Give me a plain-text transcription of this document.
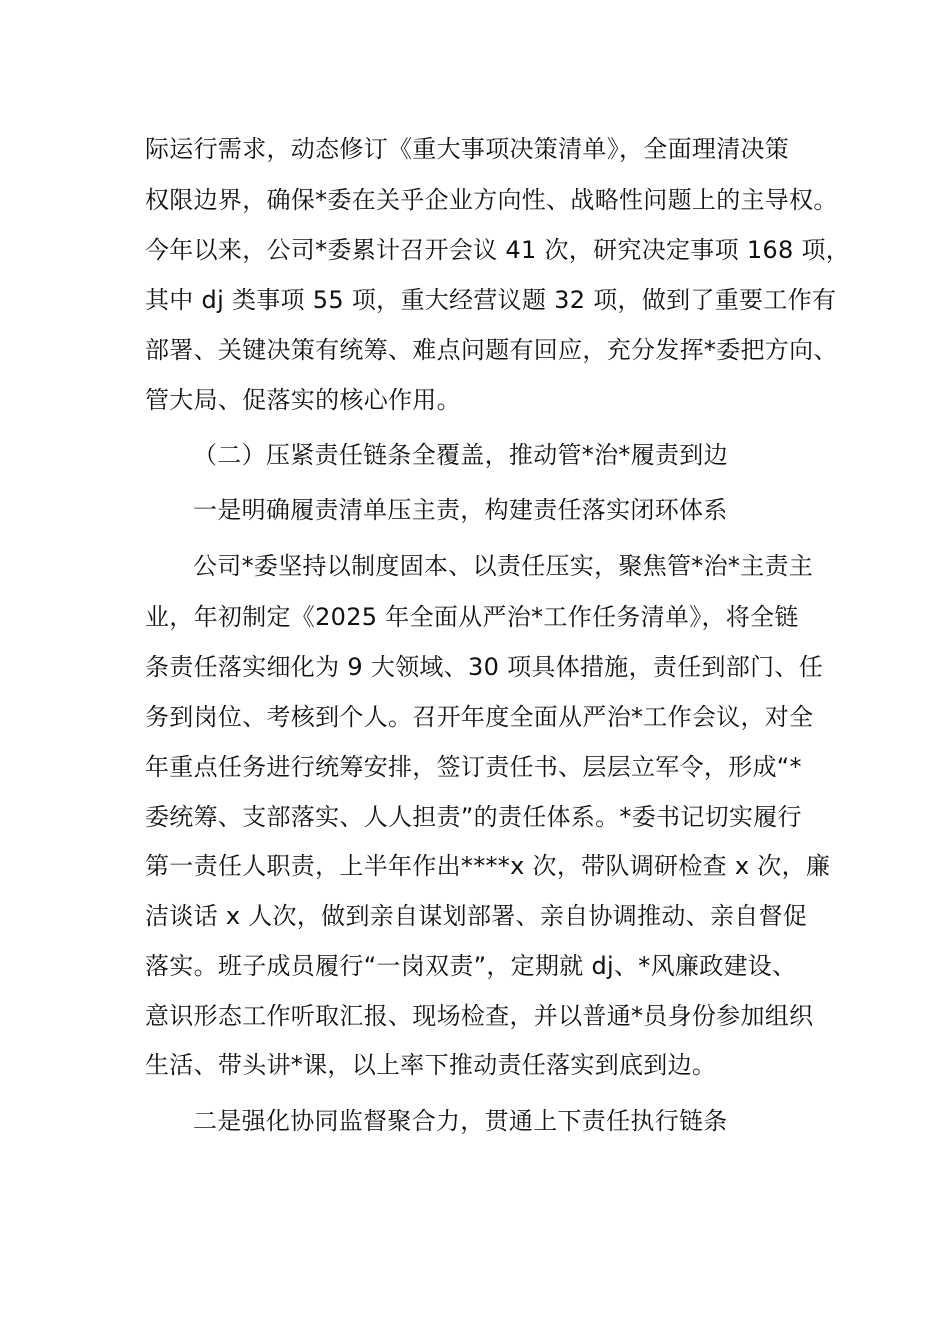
际运行需求，动态修订《重大事项决策清单》，全面理清决策
权限边界，确保*委在关乎企业方向性、战略性问题上的主导权。
今年以来，公司*委累计召开会议 41 次，研究决定事项 168 项，
其中 dj 类事项 55 项，重大经营议题 32 项，做到了重要工作有
部署、关键决策有统筹、难点问题有回应，充分发挥*委把方向、
管大局、促落实的核心作用。
（二）压紧责任链条全覆盖，推动管*治*履责到边
一是明确履责清单压主责，构建责任落实闭环体系
公司*委坚持以制度固本、以责任压实，聚焦管*治*主责主
业，年初制定《2025 年全面从严治*工作任务清单》，将全链
条责任落实细化为 9 大领域、30 项具体措施，责任到部门、任
务到岗位、考核到个人。召开年度全面从严治*工作会议，对全
年重点任务进行统筹安排，签订责任书、层层立军令，形成“*
委统筹、支部落实、人人担责”的责任体系。*委书记切实履行
第一责任人职责，上半年作出****x 次，带队调研检查 x 次，廉
洁谈话 x 人次，做到亲自谋划部署、亲自协调推动、亲自督促
落实。班子成员履行“一岗双责”，定期就 dj、*风廉政建设、
意识形态工作听取汇报、现场检查，并以普通*员身份参加组织
生活、带头讲*课，以上率下推动责任落实到底到边。
二是强化协同监督聚合力，贯通上下责任执行链条
